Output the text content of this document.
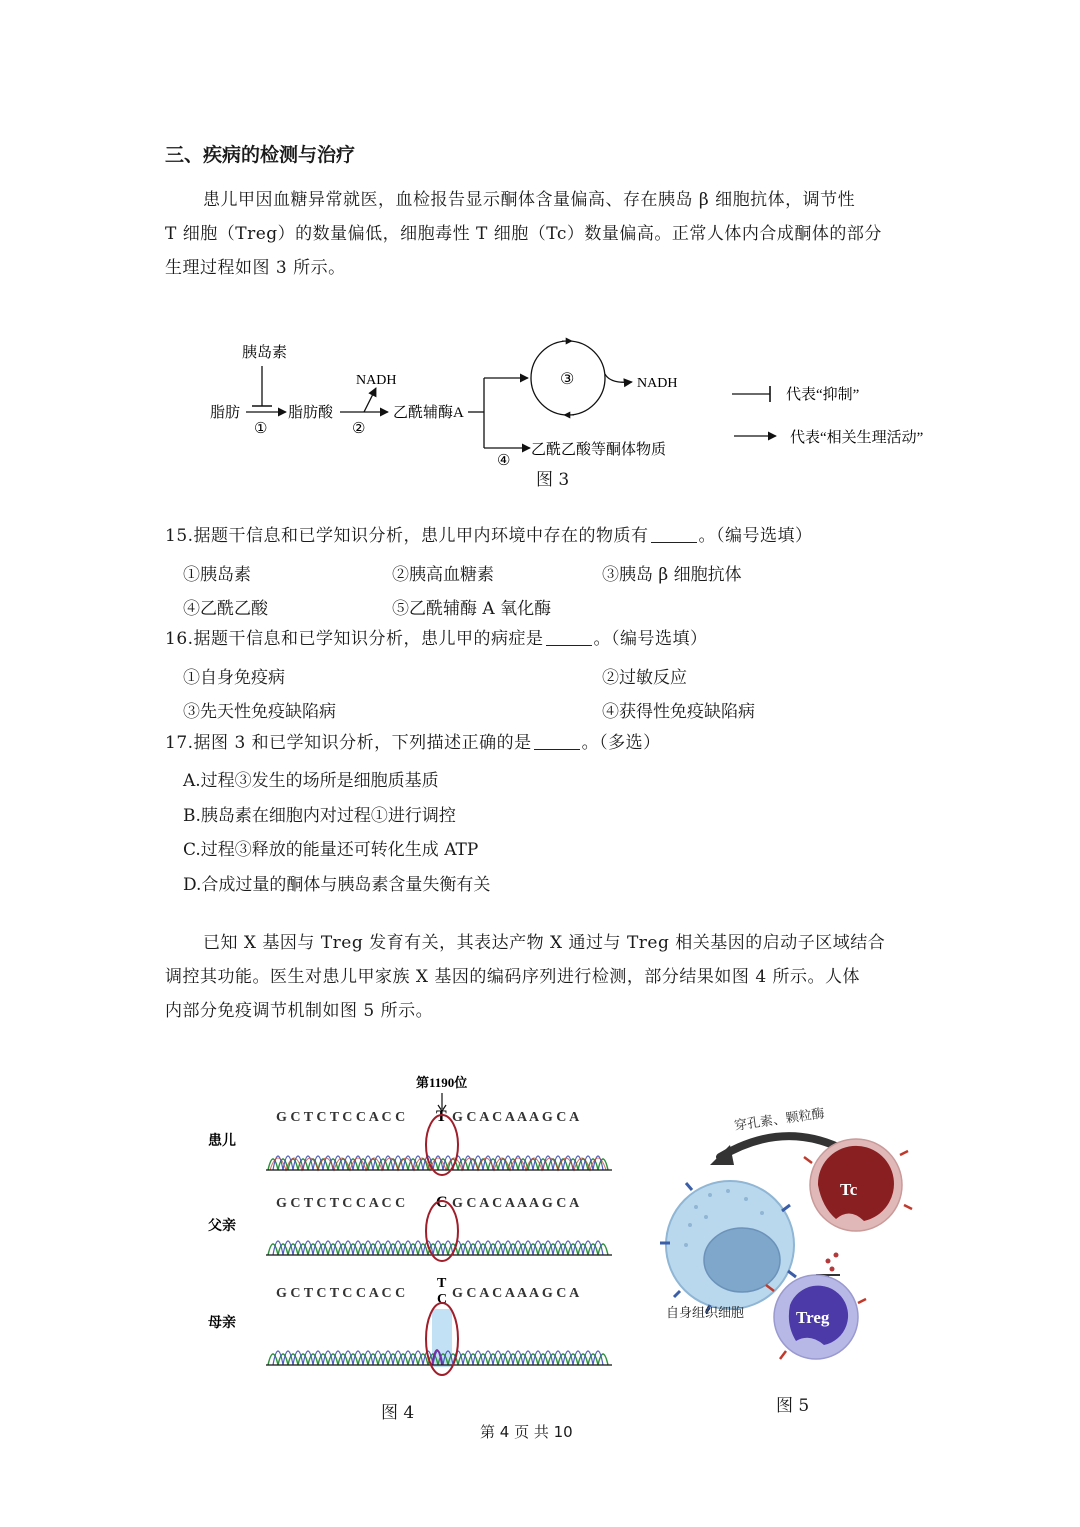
三、疾病的检测与治疗
患儿甲因血糖异常就医，血检报告显示酮体含量偏高、存在胰岛 β 细胞抗体，调节性
T 细胞（Treg）的数量偏低，细胞毒性 T 细胞（Tc）数量偏高。正常人体内合成酮体的部分
生理过程如图 3 所示。
胰岛素
脂肪
①
脂肪酸
NADH
②
乙酰辅酶A
③	NADH
乙酰乙酸等酮体物质
④
代表“抑制”
代表“相关生理活动”
图 3
15.据题干信息和已学知识分析，患儿甲内环境中存在的物质有	。（编号选填）
①胰岛素	②胰高血糖素	③胰岛 β 细胞抗体
④乙酰乙酸	⑤乙酰辅酶 A 氧化酶
16.据题干信息和已学知识分析，患儿甲的病症是	。（编号选填）
①自身免疫病	②过敏反应
③先天性免疫缺陷病	④获得性免疫缺陷病
17.据图 3 和已学知识分析，下列描述正确的是	。（多选）
A.过程③发生的场所是细胞质基质
B.胰岛素在细胞内对过程①进行调控
C.过程③释放的能量还可转化生成 ATP
D.合成过量的酮体与胰岛素含量失衡有关
已知 X 基因与 Treg 发育有关，其表达产物 X 通过与 Treg 相关基因的启动子区域结合
调控其功能。医生对患儿甲家族 X 基因的编码序列进行检测，部分结果如图 4 所示。人体
内部分免疫调节机制如图 5 所示。
第1190位
患儿
G C T C T C C A C C T G C A C A A A G C A
父亲
G C T C T C C A C C C G C A C A A A G C A
母亲
G C T C T C C A C C
T
C G C A C A A A G C A
图 4
穿孔素、颗粒酶
Tc
Treg
自身组织细胞
图 5
第 4 页 共 10
